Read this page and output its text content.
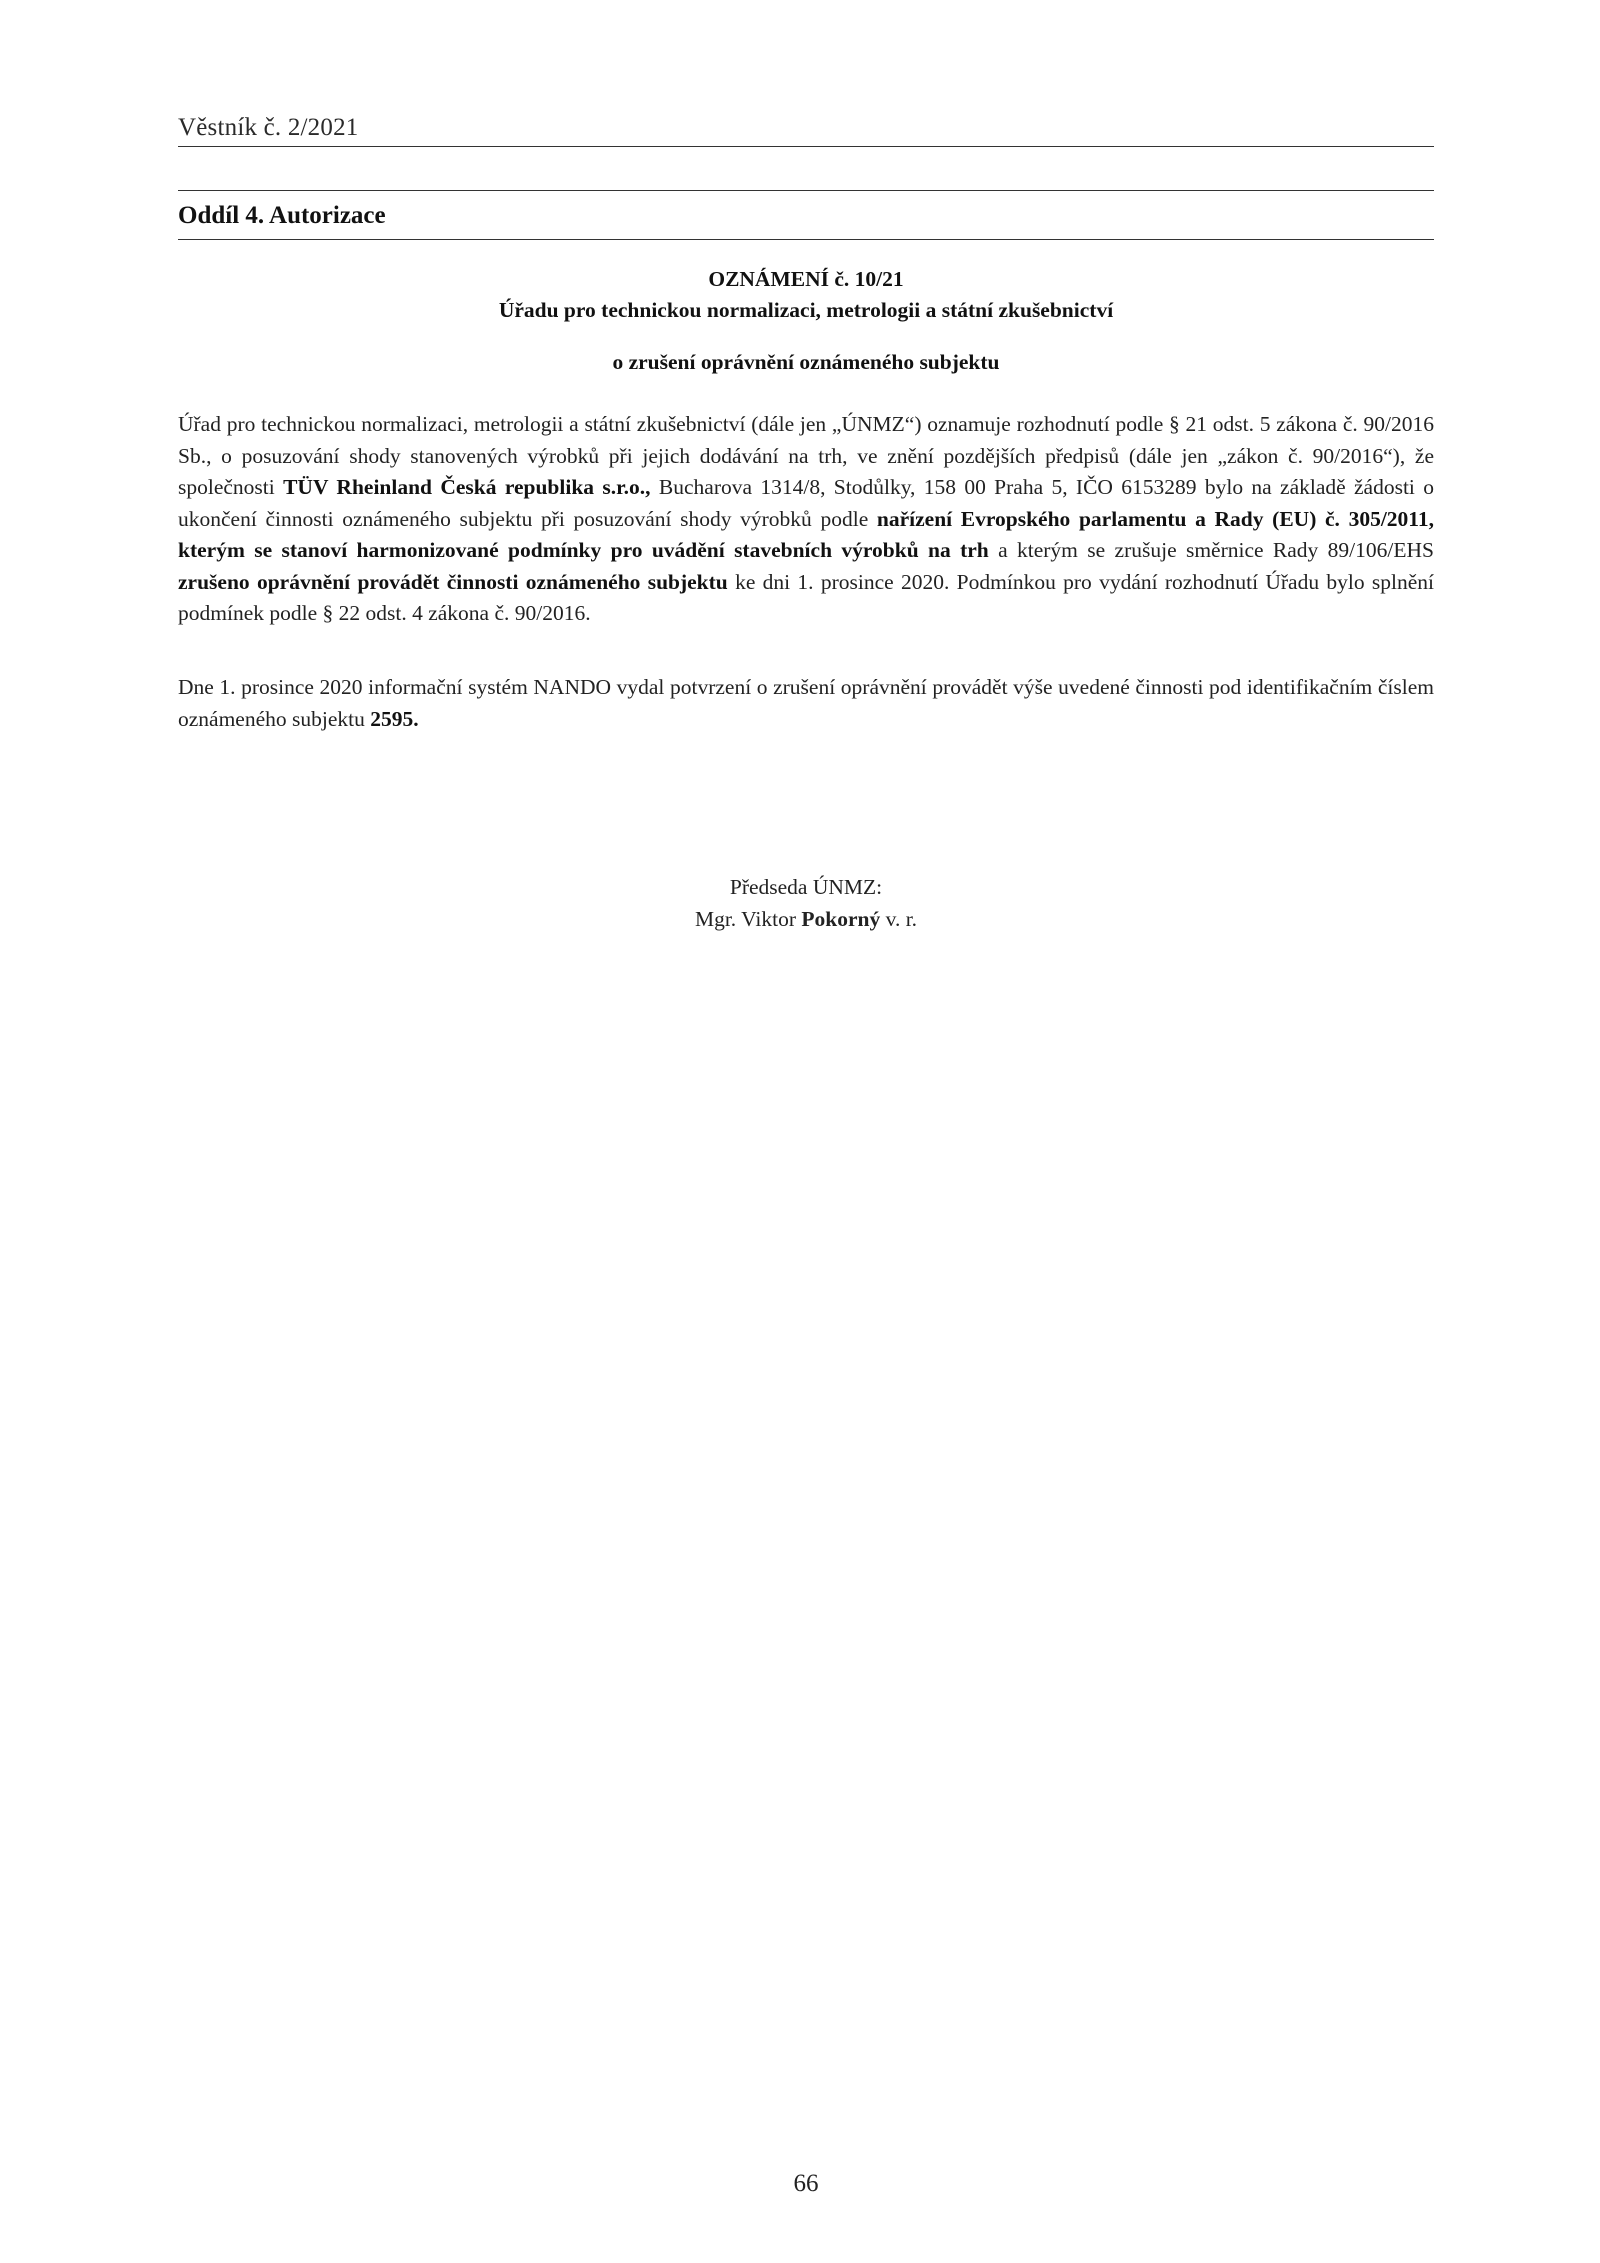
Věstník č. 2/2021
Oddíl 4. Autorizace
OZNÁMENÍ č. 10/21
Úřadu pro technickou normalizaci, metrologii a státní zkušebnictví
o zrušení oprávnění oznámeného subjektu
Úřad pro technickou normalizaci, metrologii a státní zkušebnictví (dále jen „ÚNMZ“) oznamuje rozhodnutí podle § 21 odst. 5 zákona č. 90/2016 Sb., o posuzování shody stanovených výrobků při jejich dodávání na trh, ve znění pozdějších předpisů (dále jen „zákon č. 90/2016“), že společnosti TÜV Rheinland Česká republika s.r.o., Bucharova 1314/8, Stodůlky, 158 00 Praha 5, IČO 6153289 bylo na základě žádosti o ukončení činnosti oznámeného subjektu při posuzování shody výrobků podle nařízení Evropského parlamentu a Rady (EU) č. 305/2011, kterým se stanoví harmonizované podmínky pro uvádění stavebních výrobků na trh a kterým se zrušuje směrnice Rady 89/106/EHS zrušeno oprávnění provádět činnosti oznámeného subjektu ke dni 1. prosince 2020. Podmínkou pro vydání rozhodnutí Úřadu bylo splnění podmínek podle § 22 odst. 4 zákona č. 90/2016.
Dne 1. prosince 2020 informační systém NANDO vydal potvrzení o zrušení oprávnění provádět výše uvedené činnosti pod identifikačním číslem oznámeného subjektu 2595.
Předseda ÚNMZ:
Mgr. Viktor Pokorný v. r.
66
